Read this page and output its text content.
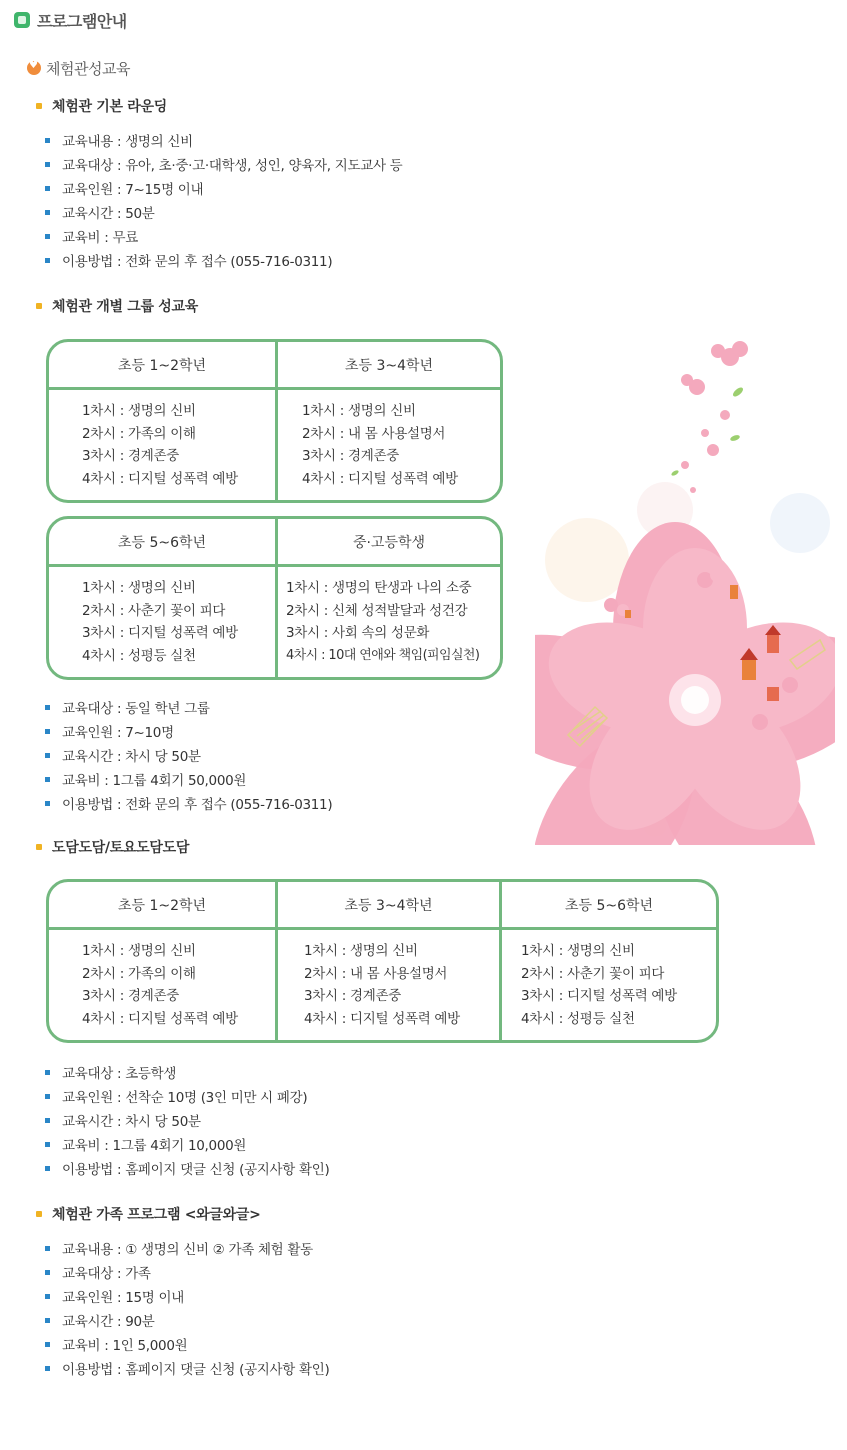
프로그램안내
♥
체험관성교육
체험관 기본 라운딩
교육내용 : 생명의 신비
교육대상 : 유아, 초·중·고·대학생, 성인, 양육자, 지도교사 등
교육인원 : 7~15명 이내
교육시간 : 50분
교육비 : 무료
이용방법 : 전화 문의 후 접수 (055-716-0311)
체험관 개별 그룹 성교육
초등 1~2학년	초등 3~4학년
1차시 : 생명의 신비
2차시 : 가족의 이해
3차시 : 경계존중
4차시 : 디지털 성폭력 예방
1차시 : 생명의 신비
2차시 : 내 몸 사용설명서
3차시 : 경계존중
4차시 : 디지털 성폭력 예방
초등 5~6학년	중·고등학생
1차시 : 생명의 신비
2차시 : 사춘기 꽃이 피다
3차시 : 디지털 성폭력 예방
4차시 : 성평등 실천
1차시 : 생명의 탄생과 나의 소중
2차시 : 신체 성적발달과 성건강
3차시 : 사회 속의 성문화
4차시 : 10대 연애와 책임(피임실천)
교육대상 : 동일 학년 그룹
교육인원 : 7~10명
교육시간 : 차시 당 50분
교육비 : 1그룹 4회기 50,000원
이용방법 : 전화 문의 후 접수 (055-716-0311)
도담도담/토요도담도담
초등 1~2학년	초등 3~4학년	초등 5~6학년
1차시 : 생명의 신비
2차시 : 가족의 이해
3차시 : 경계존중
4차시 : 디지털 성폭력 예방
1차시 : 생명의 신비
2차시 : 내 몸 사용설명서
3차시 : 경계존중
4차시 : 디지털 성폭력 예방
1차시 : 생명의 신비
2차시 : 사춘기 꽃이 피다
3차시 : 디지털 성폭력 예방
4차시 : 성평등 실천
교육대상 : 초등학생
교육인원 : 선착순 10명 (3인 미만 시 폐강)
교육시간 : 차시 당 50분
교육비 : 1그룹 4회기 10,000원
이용방법 : 홈페이지 댓글 신청 (공지사항 확인)
체험관 가족 프로그램 <와글와글>
교육내용 : ① 생명의 신비 ② 가족 체험 활동
교육대상 : 가족
교육인원 : 15명 이내
교육시간 : 90분
교육비 : 1인 5,000원
이용방법 : 홈페이지 댓글 신청 (공지사항 확인)
